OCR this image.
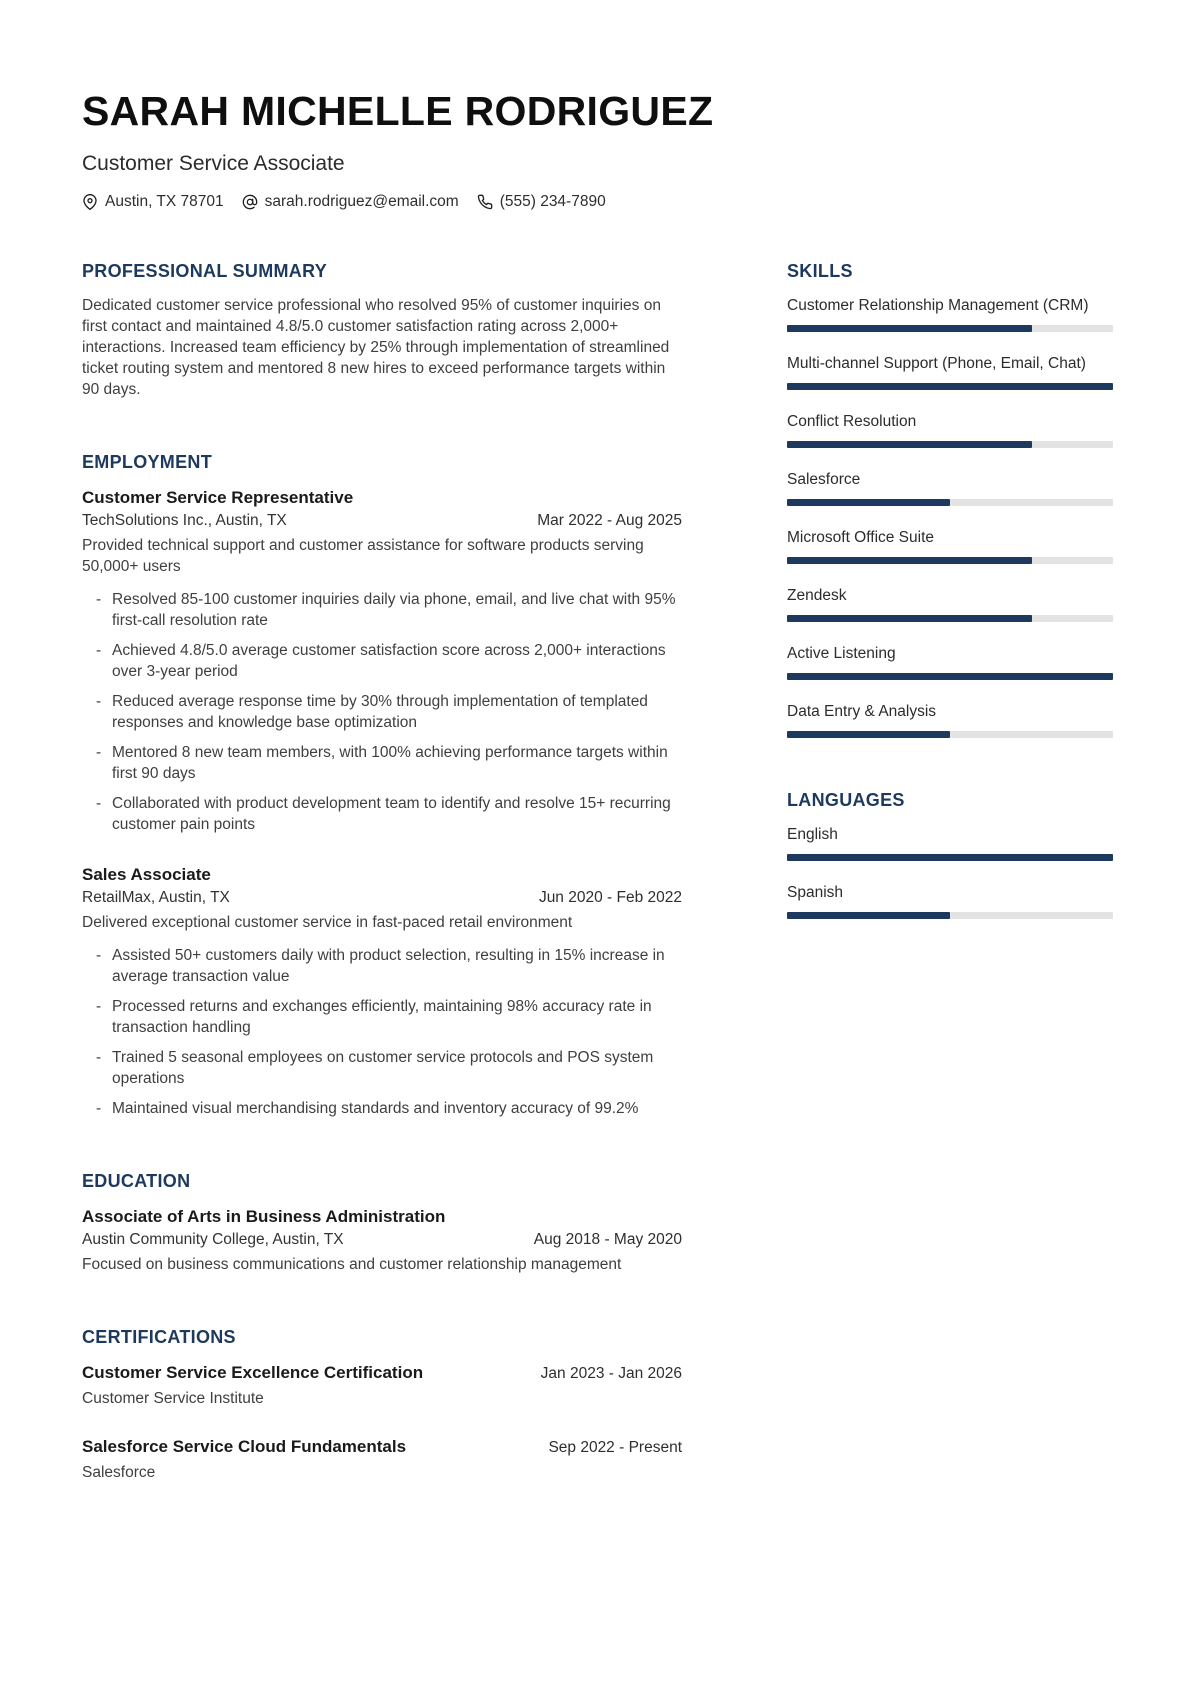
SARAH MICHELLE RODRIGUEZ
Customer Service Associate
Austin, TX 78701	sarah.rodriguez@email.com	(555) 234-7890
PROFESSIONAL SUMMARY

Dedicated customer service professional who resolved 95% of customer inquiries on first contact and maintained 4.8/5.0 customer satisfaction rating across 2,000+ interactions. Increased team efficiency by 25% through implementation of streamlined ticket routing system and mentored 8 new hires to exceed performance targets within 90 days.

EMPLOYMENT
Customer Service Representative
TechSolutions Inc., Austin, TX	Mar 2022 - Aug 2025
Provided technical support and customer assistance for software products serving 50,000+ users
- Resolved 85-100 customer inquiries daily via phone, email, and live chat with 95% first-call resolution rate
- Achieved 4.8/5.0 average customer satisfaction score across 2,000+ interactions over 3-year period
- Reduced average response time by 30% through implementation of templated responses and knowledge base optimization
- Mentored 8 new team members, with 100% achieving performance targets within first 90 days
- Collaborated with product development team to identify and resolve 15+ recurring customer pain points
Sales Associate
RetailMax, Austin, TX	Jun 2020 - Feb 2022
Delivered exceptional customer service in fast-paced retail environment
- Assisted 50+ customers daily with product selection, resulting in 15% increase in average transaction value
- Processed returns and exchanges efficiently, maintaining 98% accuracy rate in transaction handling
- Trained 5 seasonal employees on customer service protocols and POS system operations
- Maintained visual merchandising standards and inventory accuracy of 99.2%
EDUCATION
Associate of Arts in Business Administration
Austin Community College, Austin, TX	Aug 2018 - May 2020
Focused on business communications and customer relationship management
CERTIFICATIONS
Customer Service Excellence Certification	Jan 2023 - Jan 2026
Customer Service Institute
Salesforce Service Cloud Fundamentals	Sep 2022 - Present
Salesforce
SKILLS
Customer Relationship Management (CRM)
Multi-channel Support (Phone, Email, Chat)
Conflict Resolution
Salesforce
Microsoft Office Suite
Zendesk
Active Listening
Data Entry & Analysis
LANGUAGES
English
Spanish
